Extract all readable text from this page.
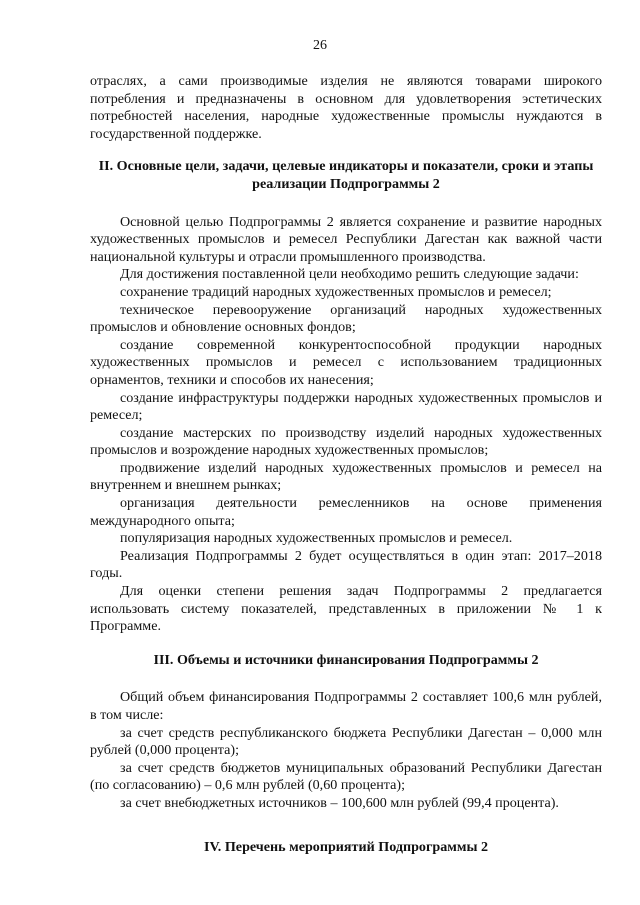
26

отраслях, а сами производимые изделия не являются товарами широкого потребления и предназначены в основном для удовлетворения эстетических потребностей населения, народные художественные промыслы нуждаются в государственной поддержке.

II. Основные цели, задачи, целевые индикаторы и показатели, сроки и этапы реализации Подпрограммы 2

Основной целью Подпрограммы 2 является сохранение и развитие народных художественных промыслов и ремесел Республики Дагестан как важной части национальной культуры и отрасли промышленного производства.

Для достижения поставленной цели необходимо решить следующие задачи:

сохранение традиций народных художественных промыслов и ремесел;

техническое перевооружение организаций народных художественных промыслов и обновление основных фондов;

создание современной конкурентоспособной продукции народных художественных промыслов и ремесел с использованием традиционных орнаментов, техники и способов их нанесения;

создание инфраструктуры поддержки народных художественных промыслов и ремесел;

создание мастерских по производству изделий народных художественных промыслов и возрождение народных художественных промыслов;

продвижение изделий народных художественных промыслов и ремесел на внутреннем и внешнем рынках;

организация деятельности ремесленников на основе применения международного опыта;

популяризация народных художественных промыслов и ремесел.

Реализация Подпрограммы 2 будет осуществляться в один этап: 2017–2018 годы.

Для оценки степени решения задач Подпрограммы 2 предлагается использовать систему показателей, представленных в приложении № 1 к Программе.

III. Объемы и источники финансирования Подпрограммы 2

Общий объем финансирования Подпрограммы 2 составляет 100,6 млн рублей, в том числе:

за счет средств республиканского бюджета Республики Дагестан – 0,000 млн рублей (0,000 процента);

за счет средств бюджетов муниципальных образований Республики Дагестан (по согласованию) – 0,6 млн рублей (0,60 процента);

за счет внебюджетных источников – 100,600 млн рублей (99,4 процента).

IV. Перечень мероприятий Подпрограммы 2
